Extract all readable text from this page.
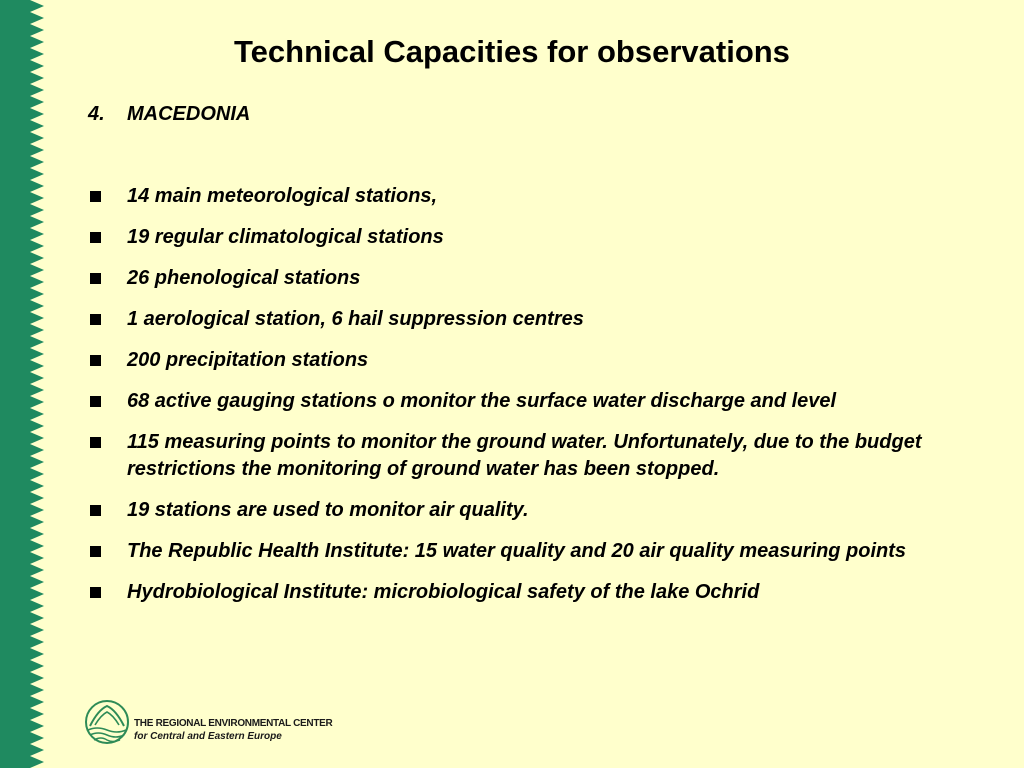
Technical Capacities for observations
4. MACEDONIA
14 main meteorological stations,
19 regular climatological stations
26 phenological stations
1 aerological station, 6 hail suppression centres
200 precipitation stations
68 active gauging stations o monitor the surface water discharge and level
115 measuring points to monitor the ground water. Unfortunately, due to the budget restrictions the monitoring of ground water has been stopped.
19 stations are used to monitor air quality.
The Republic Health Institute: 15 water quality and 20 air quality measuring points
Hydrobiological Institute: microbiological safety of the lake Ochrid
THE REGIONAL ENVIRONMENTAL CENTER
for Central and Eastern Europe
